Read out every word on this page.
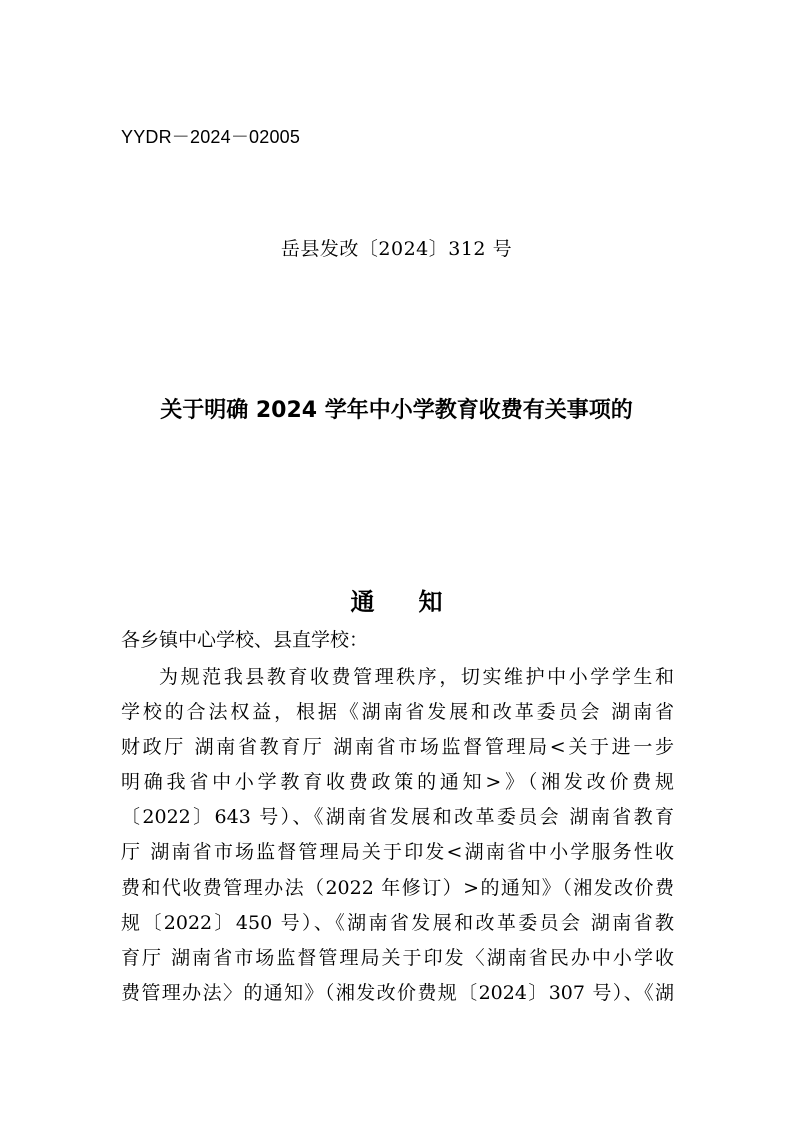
YYDR－2024－02005
岳县发改〔2024〕312 号
关于明确 2024 学年中小学教育收费有关事项的
通知
各乡镇中心学校、县直学校：
为规范我县教育收费管理秩序，切实维护中小学学生和
学校的合法权益，根据《湖南省发展和改革委员会 湖南省
财政厅 湖南省教育厅 湖南省市场监督管理局<关于进一步
明确我省中小学教育收费政策的通知>》（湘发改价费规
〔2022〕643 号）、《湖南省发展和改革委员会 湖南省教育
厅 湖南省市场监督管理局关于印发<湖南省中小学服务性收
费和代收费管理办法（2022 年修订）>的通知》（湘发改价费
规〔2022〕450 号）、《湖南省发展和改革委员会 湖南省教
育厅 湖南省市场监督管理局关于印发〈湖南省民办中小学收
费管理办法〉的通知》（湘发改价费规〔2024〕307 号）、《湖
